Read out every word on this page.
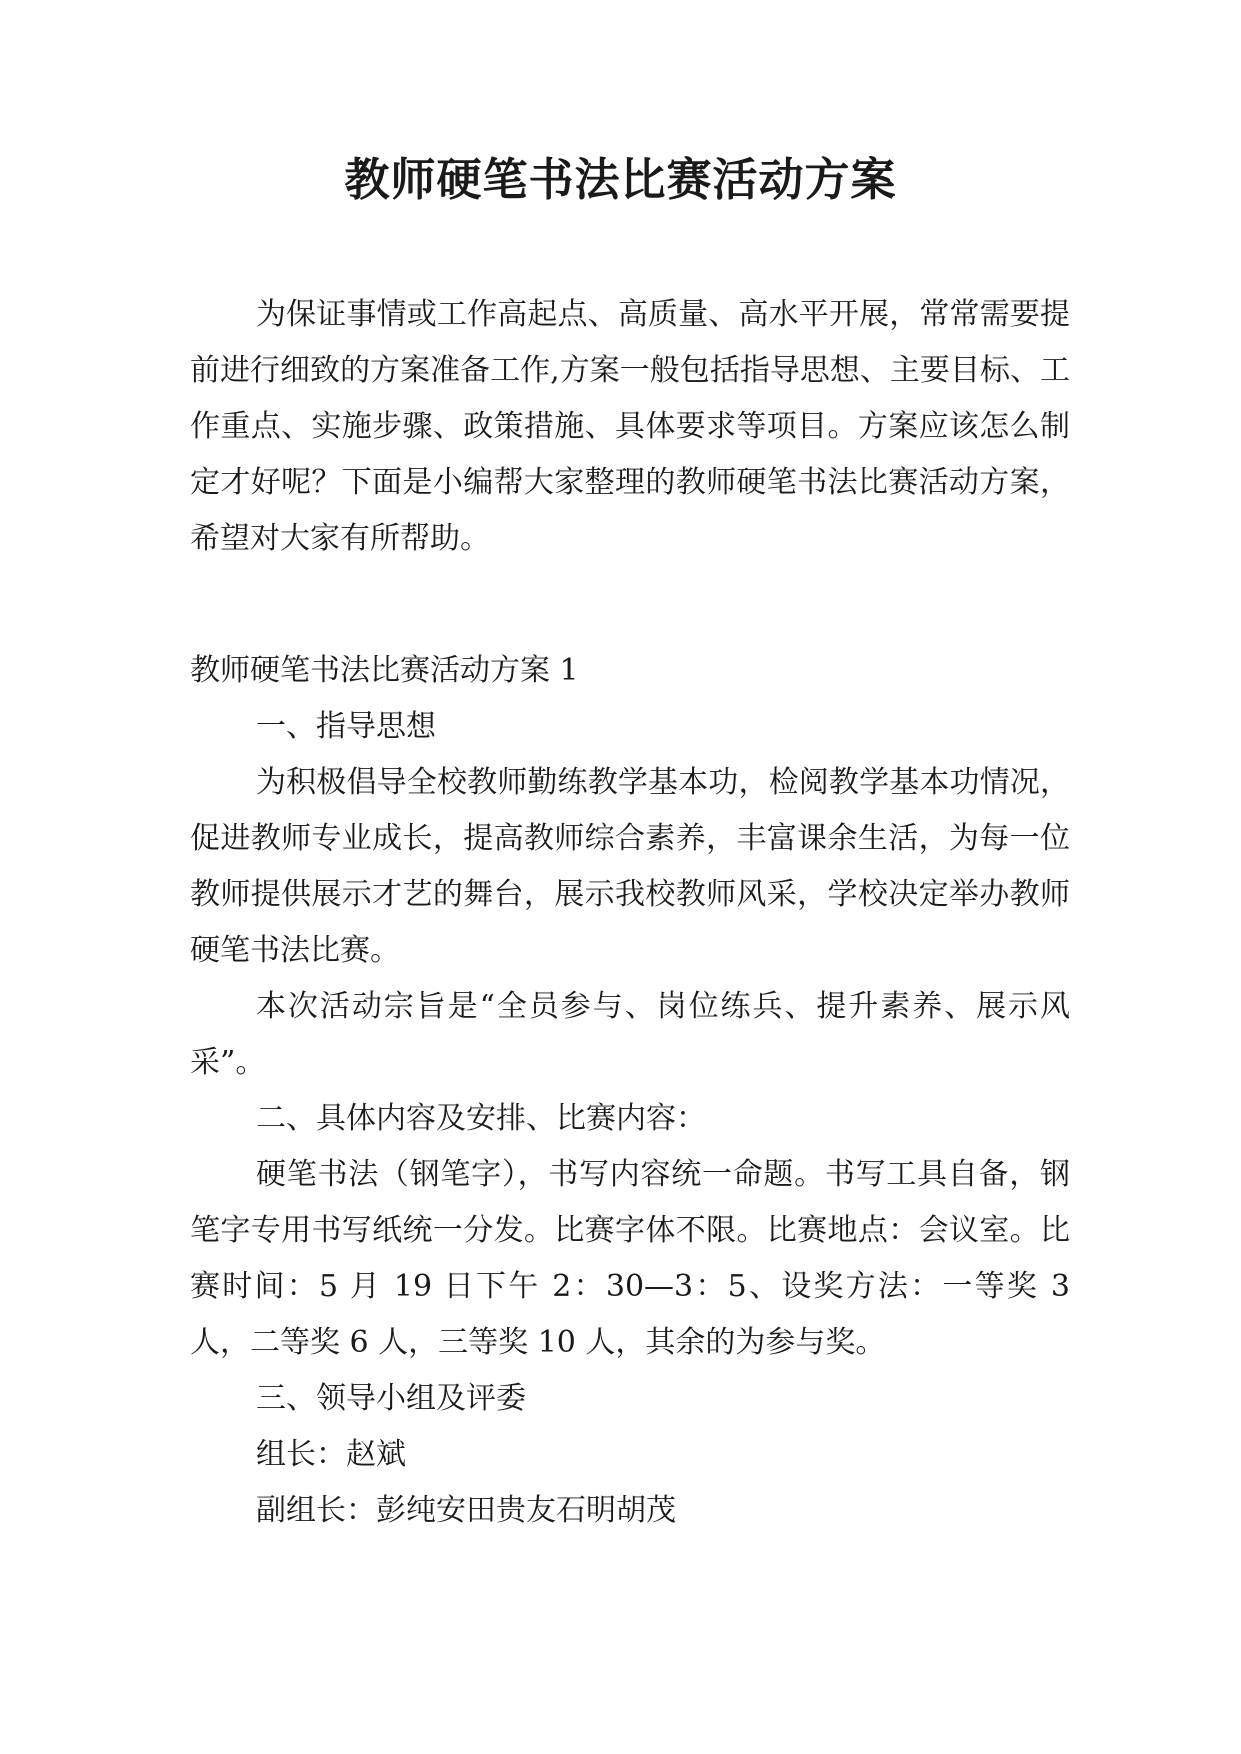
教师硬笔书法比赛活动方案

为保证事情或工作高起点、高质量、高水平开展，常常需要提前进行细致的方案准备工作,方案一般包括指导思想、主要目标、工作重点、实施步骤、政策措施、具体要求等项目。方案应该怎么制定才好呢？下面是小编帮大家整理的教师硬笔书法比赛活动方案，希望对大家有所帮助。

教师硬笔书法比赛活动方案 1

一、指导思想

为积极倡导全校教师勤练教学基本功，检阅教学基本功情况，促进教师专业成长，提高教师综合素养，丰富课余生活，为每一位教师提供展示才艺的舞台，展示我校教师风采，学校决定举办教师硬笔书法比赛。

本次活动宗旨是“全员参与、岗位练兵、提升素养、展示风采”。

二、具体内容及安排、比赛内容：

硬笔书法（钢笔字），书写内容统一命题。书写工具自备，钢笔字专用书写纸统一分发。比赛字体不限。比赛地点：会议室。比赛时间：5 月 19 日下午 2：30—3：5、设奖方法：一等奖 3 人，二等奖 6 人，三等奖 10 人，其余的为参与奖。

三、领导小组及评委

组长：赵斌

副组长：彭纯安田贵友石明胡茂
